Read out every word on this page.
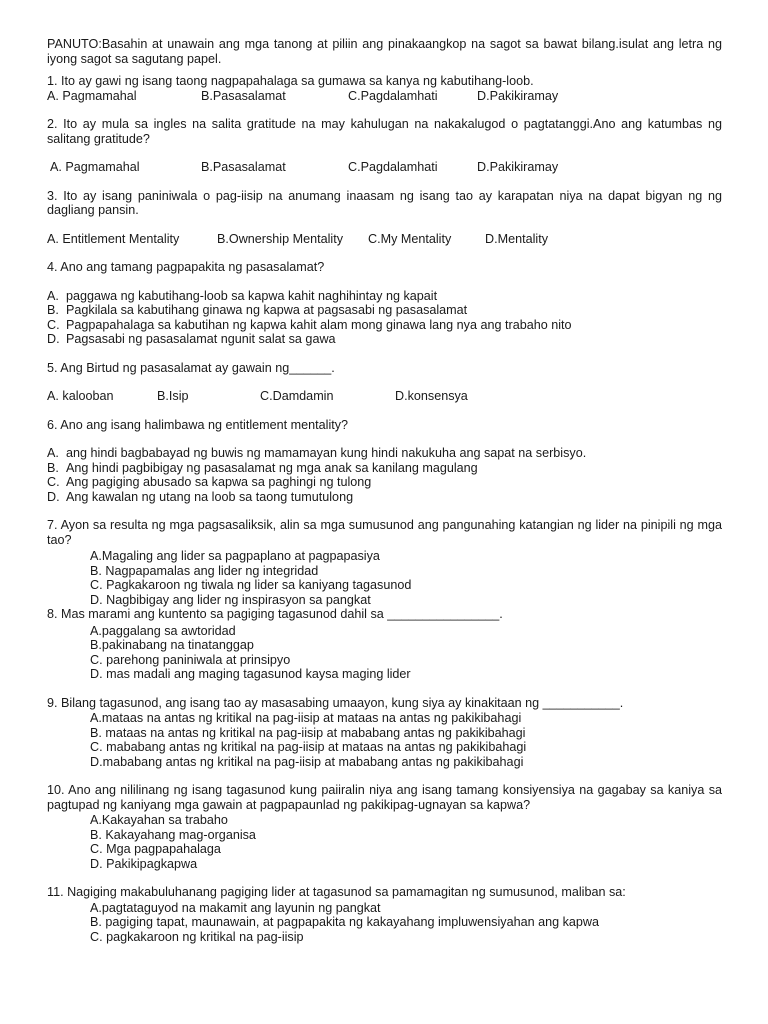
PANUTO:Basahin at unawain ang mga tanong at piliin ang pinakaangkop na sagot sa bawat bilang.isulat ang letra ng iyong sagot sa sagutang papel.

1. Ito ay gawi ng isang taong nagpapahalaga sa gumawa sa kanya ng kabutihang-loob.

A. Pagmamahal	B.Pasasalamat	C.Pagdalamhati	D.Pakikiramay

2. Ito ay mula sa ingles na salita gratitude na may kahulugan na nakakalugod o pagtatanggi.Ano ang katumbas ng salitang gratitude?

A. Pagmamahal	B.Pasasalamat	C.Pagdalamhati	D.Pakikiramay

3. Ito ay isang paniniwala o pag-iisip na anumang inaasam ng isang tao ay karapatan niya na dapat bigyan ng ng dagliang pansin.

A. Entitlement Mentality	B.Ownership Mentality	C.My Mentality	D.Mentality

4. Ano ang tamang pagpapakita ng pasasalamat?

A. paggawa ng kabutihang-loob sa kapwa kahit naghihintay ng kapait
B. Pagkilala sa kabutihang ginawa ng kapwa at pagsasabi ng pasasalamat
C. Pagpapahalaga sa kabutihan ng kapwa kahit alam mong ginawa lang nya ang trabaho nito
D. Pagsasabi ng pasasalamat ngunit salat sa gawa

5. Ang Birtud ng pasasalamat ay gawain ng______.

A. kalooban	B.Isip	C.Damdamin	D.konsensya

6. Ano ang isang halimbawa ng entitlement mentality?

A. ang hindi bagbabayad ng buwis ng mamamayan kung hindi nakukuha ang sapat na serbisyo.
B. Ang hindi pagbibigay ng pasasalamat ng mga anak sa kanilang magulang
C. Ang pagiging abusado sa kapwa sa paghingi ng tulong
D. Ang kawalan ng utang na loob sa taong tumutulong

7. Ayon sa resulta ng mga pagsasaliksik, alin sa mga sumusunod ang pangunahing katangian ng lider na pinipili ng mga tao?

A.Magaling ang lider sa pagpaplano at pagpapasiya

B. Nagpapamalas ang lider ng integridad

C. Pagkakaroon ng tiwala ng lider sa kaniyang tagasunod

D. Nagbibigay ang lider ng inspirasyon sa pangkat

8. Mas marami ang kuntento sa pagiging tagasunod dahil sa ________________.

A.paggalang sa awtoridad

B.pakinabang na tinatanggap

C. parehong paniniwala at prinsipyo

D. mas madali ang maging tagasunod kaysa maging lider

9. Bilang tagasunod, ang isang tao ay masasabing umaayon, kung siya ay kinakitaan ng ___________.

A.mataas na antas ng kritikal na pag-iisip at mataas na antas ng pakikibahagi

B. mataas na antas ng kritikal na pag-iisip at mababang antas ng pakikibahagi

C. mababang antas ng kritikal na pag-iisip at mataas na antas ng pakikibahagi

D.mababang antas ng kritikal na pag-iisip at mababang antas ng pakikibahagi

10. Ano ang nililinang ng isang tagasunod kung paiiralin niya ang isang tamang konsiyensiya na gagabay sa kaniya sa pagtupad ng kaniyang mga gawain at pagpapaunlad ng pakikipag-ugnayan sa kapwa?

A.Kakayahan sa trabaho

B. Kakayahang mag-organisa

C. Mga pagpapahalaga

D. Pakikipagkapwa

11. Nagiging makabuluhanang pagiging lider at tagasunod sa pamamagitan ng sumusunod, maliban sa:

A.pagtataguyod na makamit ang layunin ng pangkat

B. pagiging tapat, maunawain, at pagpapakita ng kakayahang impluwensiyahan ang kapwa

C. pagkakaroon ng kritikal na pag-iisip
